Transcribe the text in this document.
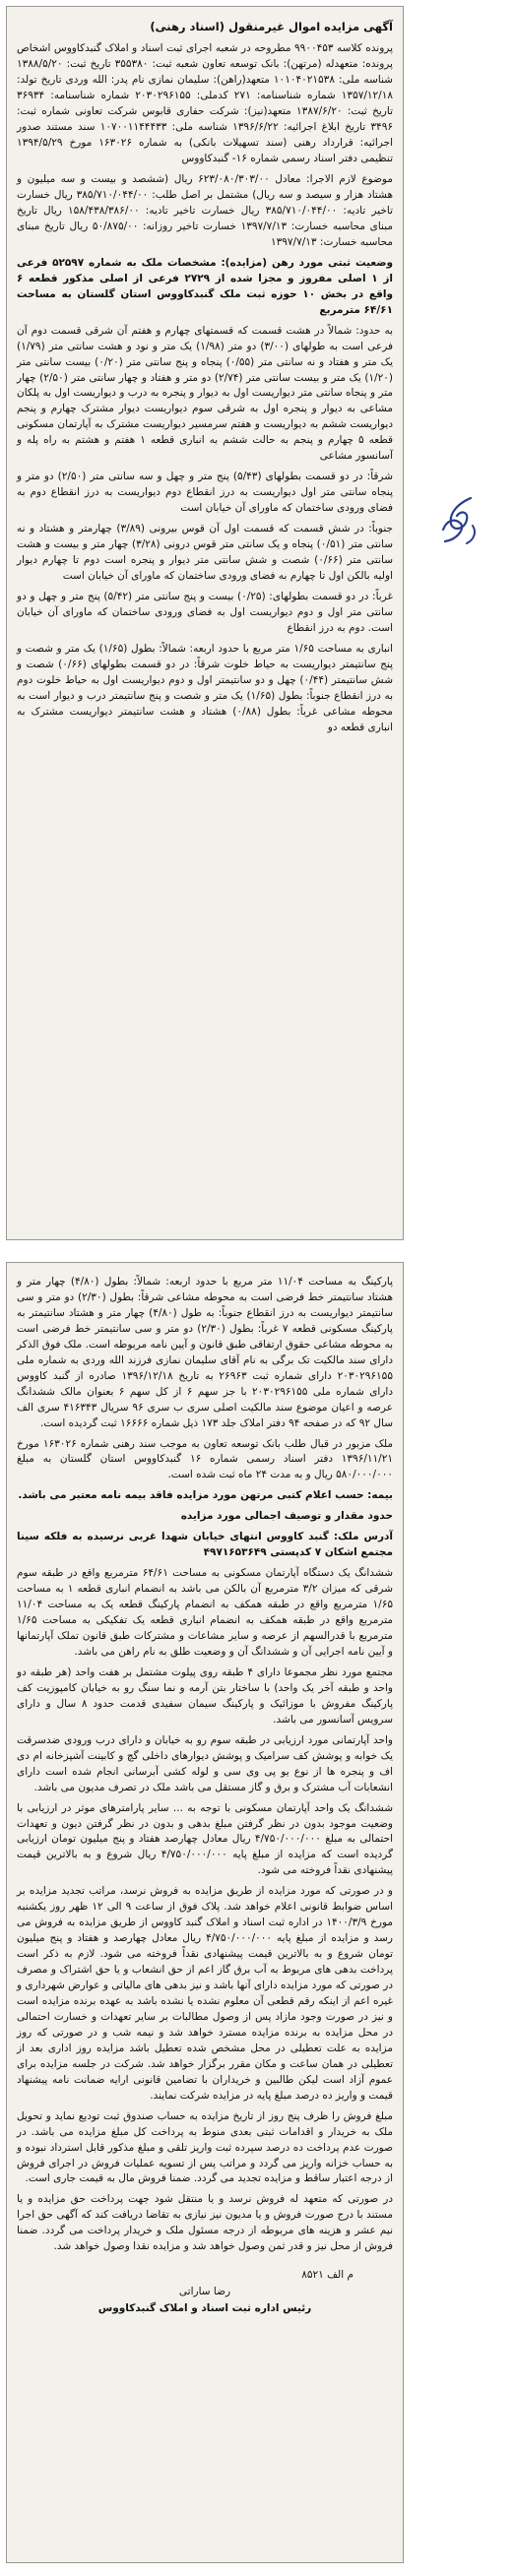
آگهی مزایده اموال غیرمنقول (اسناد رهنی)

پرونده کلاسه ۹۹۰۰۴۵۳ مطروحه در شعبه اجرای ثبت اسناد و املاک گنبدکاووس اشخاص پرونده: متعهدله (مرتهن): بانک توسعه تعاون شعبه ثبت: ۳۵۵۳۸۰ تاریخ ثبت: ۱۳۸۸/۵/۲۰ شناسه ملی: ۱۰۱۰۴۰۲۱۵۳۸ متعهد(راهن): سلیمان نمازی نام پدر: الله وردی تاریخ تولد: ۱۳۵۷/۱۲/۱۸ شماره شناسنامه: ۲۷۱ کدملی: ۲۰۳۰۲۹۶۱۵۵ شماره شناسنامه: ۳۶۹۳۴ تاریخ ثبت: ۱۳۸۷/۶/۲۰ متعهد(نیز): شرکت حفاری قابوس شرکت تعاونی شماره ثبت: ۳۴۹۶ تاریخ ابلاغ اجرائیه: ۱۳۹۶/۶/۲۲ شناسه ملی: ۱۰۷۰۰۱۱۴۴۴۳۳ سند مستند صدور اجرائیه: قرارداد رهنی (سند تسهیلات بانکی) به شماره ۱۶۳۰۲۶ مورخ ۱۳۹۴/۵/۲۹ تنظیمی دفتر اسناد رسمی شماره ۱۶- گنبدکاووس

موضوع لازم الاجرا: معادل ۶۲۳/۰۸۰/۳۰۳/۰۰ ریال (ششصد و بیست و سه میلیون و هشتاد هزار و سیصد و سه ریال) مشتمل بر اصل طلب: ۳۸۵/۷۱۰/۰۴۴/۰۰ ریال خسارت تاخیر تادیه: ۳۸۵/۷۱۰/۰۴۴/۰۰ ریال خسارت تاخیر تادیه: ۱۵۸/۴۳۸/۳۸۶/۰۰ ریال تاریخ مبنای محاسبه خسارت: ۱۳۹۷/۷/۱۳ خسارت تاخیر روزانه: ۵۰/۸۷۵/۰۰ ریال تاریخ مبنای محاسبه خسارت: ۱۳۹۷/۷/۱۳

وضعیت ثبتی مورد رهن (مزایده): مشخصات ملک به شماره ۵۲۵۹۷ فرعی از ۱ اصلی مفروز و مجزا شده از ۲۷۲۹ فرعی از اصلی مذکور قطعه ۶ واقع در بخش ۱۰ حوزه ثبت ملک گنبدکاووس استان گلستان به مساحت ۶۴/۶۱ مترمربع

به حدود: شمالاً در هشت قسمت که قسمتهای چهارم و هفتم آن شرقی قسمت دوم آن فرعی است به طولهای (۳/۰۰) دو متر (۱/۹۸) یک متر و نود و هشت سانتی متر (۱/۷۹) یک متر و هفتاد و نه سانتی متر (۰/۵۵) پنجاه و پنج سانتی متر (۰/۲۰) بیست سانتی متر (۱/۲۰) یک متر و بیست سانتی متر (۲/۷۴) دو متر و هفتاد و چهار سانتی متر (۲/۵۰) چهار متر و پنجاه سانتی متر دیواریست اول به دیوار و پنجره به درب و دیواریست اول به پلکان مشاعی به دیوار و پنجره اول به شرقی سوم دیواریست دیوار مشترک چهارم و پنجم دیواریست ششم به دیواریست و هفتم سرمسیر دیواریست مشترک به آپارتمان مسکونی قطعه ۵ چهارم و پنجم به حالت ششم به انباری قطعه ۱ هفتم و هشتم به راه پله و آسانسور مشاعی

شرقاً: در دو قسمت بطولهای (۵/۴۳) پنج متر و چهل و سه سانتی متر (۲/۵۰) دو متر و پنجاه سانتی متر اول دیواریست به درز انقطاع دوم دیواریست به درز انقطاع دوم به فضای ورودی ساختمان که ماورای آن خیابان است

جنوباً: در شش قسمت که قسمت اول آن قوس بیرونی (۳/۸۹) چهارمتر و هشتاد و نه سانتی متر (۰/۵۱) پنجاه و یک سانتی متر قوس درونی (۳/۲۸) چهار متر و بیست و هشت سانتی متر (۰/۶۶) شصت و شش سانتی متر دیوار و پنجره است دوم تا چهارم دیوار اولیه بالکن اول تا چهارم به فضای ورودی ساختمان که ماورای آن خیابان است

غرباً: در دو قسمت بطولهای: (۰/۲۵) بیست و پنج سانتی متر (۵/۴۲) پنج متر و چهل و دو سانتی متر اول و دوم دیواریست اول به فضای ورودی ساختمان که ماورای آن خیابان است. دوم به درز انقطاع

انباری به مساحت ۱/۶۵ متر مربع با حدود اربعه: شمالاً: بطول (۱/۶۵) یک متر و شصت و پنج سانتیمتر دیواریست به حیاط خلوت شرقاً: در دو قسمت بطولهای (۰/۶۶) شصت و شش سانتیمتر (۰/۴۴) چهل و دو سانتیمتر اول و دوم دیواریست اول به حیاط خلوت دوم به درز انقطاع جنوباً: بطول (۱/۶۵) یک متر و شصت و پنج سانتیمتر درب و دیوار است به محوطه مشاعی غرباً: بطول (۰/۸۸) هشتاد و هشت سانتیمتر دیواریست مشترک به انباری قطعه دو

پارکینگ به مساحت ۱۱/۰۴ متر مربع با حدود اربعه: شمالاً: بطول (۴/۸۰) چهار متر و هشتاد سانتیمتر خط فرضی است به محوطه مشاعی شرقاً: بطول (۲/۳۰) دو متر و سی سانتیمتر دیواریست به درز انقطاع جنوباً: به طول (۴/۸۰) چهار متر و هشتاد سانتیمتر به پارکینگ مسکونی قطعه ۷ غرباً: بطول (۲/۳۰) دو متر و سی سانتیمتر خط فرضی است به محوطه مشاعی حقوق ارتفاقی طبق قانون و آیین نامه مربوطه است. ملک فوق الذکر دارای سند مالکیت تک برگی به نام آقای سلیمان نمازی فرزند الله وردی به شماره ملی ۲۰۳۰۲۹۶۱۵۵ دارای شماره ثبت ۲۶۹۶۳ به تاریخ ۱۳۹۶/۱۲/۱۸ صادره از گنبد کاووس دارای شماره ملی ۲۰۳۰۲۹۶۱۵۵ با جز سهم ۶ از کل سهم ۶ بعنوان مالک ششدانگ عرصه و اعیان موضوع سند مالکیت اصلی سری ب سری ۹۶ سریال ۴۱۶۳۴۳ سری الف سال ۹۲ که در صفحه ۹۴ دفتر املاک جلد ۱۷۳ ذیل شماره ۱۶۶۶۶ ثبت گردیده است.

ملک مزبور در قبال طلب بانک توسعه تعاون به موجب سند رهنی شماره ۱۶۳۰۲۶ مورخ ۱۳۹۶/۱۱/۲۱ دفتر اسناد رسمی شماره ۱۶ گنبدکاووس استان گلستان به مبلغ ۵۸۰/۰۰۰/۰۰۰ ریال و به مدت ۲۴ ماه ثبت شده است.

بیمه: حسب اعلام کتبی مرتهن مورد مزایده فاقد بیمه نامه معتبر می باشد.

حدود مقدار و توصیف اجمالی مورد مزایده

آدرس ملک: گنبد کاووس انتهای خیابان شهدا غربی نرسیده به فلکه سینا مجتمع اشکان ۷ کدپستی ۴۹۷۱۶۵۳۶۴۹

ششدانگ یک دستگاه آپارتمان مسکونی به مساحت ۶۴/۶۱ مترمربع واقع در طبقه سوم شرقی که میزان ۳/۲ مترمربع آن بالکن می باشد به انضمام انباری قطعه ۱ به مساحت ۱/۶۵ مترمربع واقع در طبقه همکف به انضمام پارکینگ قطعه یک به مساحت ۱۱/۰۴ مترمربع واقع در طبقه همکف به انضمام انباری قطعه یک تفکیکی به مساحت ۱/۶۵ مترمربع با قدرالسهم از عرصه و سایر مشاعات و مشترکات طبق قانون تملک آپارتمانها و آیین نامه اجرایی آن و ششدانگ آن و وضعیت طلق به نام راهن می باشد.

مجتمع مورد نظر مجموعا دارای ۴ طبقه روی پیلوت مشتمل بر هفت واحد (هر طبقه دو واحد و طبقه آخر یک واحد) با ساختار بتن آرمه و نما سنگ رو به خیابان کامپوزیت کف پارکینگ مفروش با موزائیک و پارکینگ سیمان سفیدی قدمت حدود ۸ سال و دارای سرویس آسانسور می باشد.

واحد آپارتمانی مورد ارزیابی در طبقه سوم رو به خیابان و دارای درب ورودی ضدسرقت یک خوابه و پوشش کف سرامیک و پوشش دیوارهای داخلی گچ و کابینت آشپزخانه ام دی اف و پنجره ها از نوع یو پی وی سی و لوله کشی آبرسانی انجام شده است دارای انشعابات آب مشترک و برق و گاز مستقل می باشد ملک در تصرف مدیون می باشد.

ششدانگ یک واحد آپارتمان مسکونی با توجه به ... سایر پارامترهای موثر در ارزیابی با وضعیت موجود بدون در نظر گرفتن مبلغ بدهی و بدون در نظر گرفتن دیون و تعهدات احتمالی به مبلغ ۴/۷۵۰/۰۰۰/۰۰۰ ریال معادل چهارصد هفتاد و پنج میلیون تومان ارزیابی گردیده است که مزایده از مبلغ پایه ۴/۷۵۰/۰۰۰/۰۰۰ ریال شروع و به بالاترین قیمت پیشنهادی نقداً فروخته می شود.

و در صورتی که مورد مزایده از طریق مزایده به فروش نرسد، مراتب تجدید مزایده بر اساس ضوابط قانونی اعلام خواهد شد. پلاک فوق از ساعت ۹ الی ۱۲ ظهر روز یکشنبه مورخ ۱۴۰۰/۳/۹ در اداره ثبت اسناد و املاک گنبد کاووس از طریق مزایده به فروش می رسد و مزایده از مبلغ پایه ۴/۷۵۰/۰۰۰/۰۰۰ ریال معادل چهارصد و هفتاد و پنج میلیون تومان شروع و به بالاترین قیمت پیشنهادی نقداً فروخته می شود. لازم به ذکر است پرداخت بدهی های مربوط به آب برق گاز اعم از حق انشعاب و یا حق اشتراک و مصرف در صورتی که مورد مزایده دارای آنها باشد و نیز بدهی های مالیاتی و عوارض شهرداری و غیره اعم از اینکه رقم قطعی آن معلوم نشده یا نشده باشد به عهده برنده مزایده است و نیز در صورت وجود مازاد پس از وصول مطالبات بر سایر تعهدات و خسارت احتمالی در محل مزایده به برنده مزایده مسترد خواهد شد و نیمه شب و در صورتی که روز مزایده به علت تعطیلی در محل مشخص شده تعطیل باشد مزایده روز اداری بعد از تعطیلی در همان ساعت و مکان مقرر برگزار خواهد شد. شرکت در جلسه مزایده برای عموم آزاد است لیکن طالبین و خریداران با تضامین قانونی ارایه ضمانت نامه پیشنهاد قیمت و واریز ده درصد مبلغ پایه در مزایده شرکت نمایند.

مبلغ فروش را ظرف پنج روز از تاریخ مزایده به حساب صندوق ثبت تودیع نماید و تحویل ملک به خریدار و اقدامات ثبتی بعدی منوط به پرداخت کل مبلغ مزایده می باشد. در صورت عدم پرداخت ده درصد سپرده ثبت واریز تلقی و مبلغ مذکور قابل استرداد نبوده و به حساب خزانه واریز می گردد و مراتب پس از تسویه عملیات فروش در اجرای فروش از درجه اعتبار ساقط و مزایده تجدید می گردد. ضمنا فروش مال به قیمت جاری است.

در صورتی که متعهد له فروش نرسد و یا منتقل شود جهت پرداخت حق مزایده و یا مستند با درج صورت فروش و یا مدیون نیز نیازی به تقاضا دریافت کند که آگهی حق اجرا نیم عشر و هزینه های مربوطه از درجه مسئول ملک و خریدار پرداخت می گردد. ضمنا فروش از محل نیز و قدر ثمن وصول خواهد شد و مزایده نقدا وصول خواهد شد.

م الف ۸۵۲۱
رضا ساراتی
رئیس اداره ثبت اسناد و املاک گنبدکاووس
